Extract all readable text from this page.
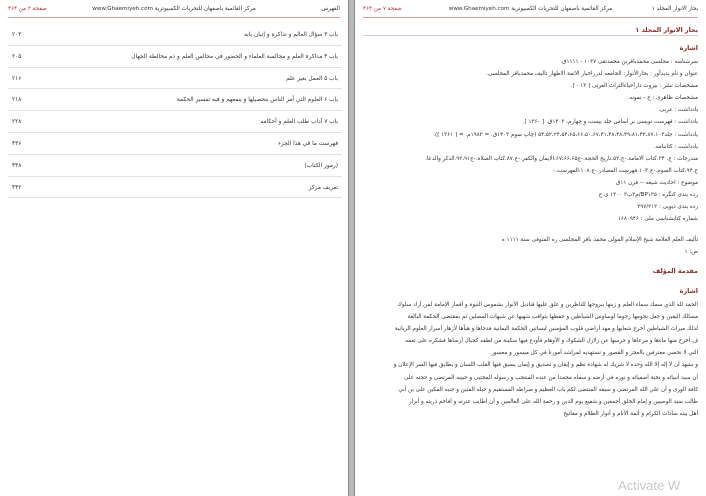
الفهرس
مركز القائمية باصفهان للتحريات الكمبيوترية www.Ghaemiyeh.com
صفحة ۲ من ۴۶۴
باب ۳ سؤال العالم و تذاكره و إتيان بابه
۲۰۳
باب ۴ مذاكرة العلم و مجالسة العلماء و الحضور في مجالس العلم و ذم مخالطة الجهال
۲۰۵
باب ۵ العمل بغير علم
۲۱۶
باب ۶ العلوم التي أمر الناس بتحصيلها و ينفعهم و فيه تفسير الحكمة
۲۱۸
باب ۷ آداب طلب العلم و أحكامه
۲۲۸
فهرست ما في هذا الجزء
۴۳۶
(رموز الكتاب)
۴۳۸
تعريف مركز
۴۴۲
بحار الانوار المجلد ۱
مركز القائمية باصفهان للتحريات الكمبيوترية www.Ghaemiyeh.com
صفحة ۷ من ۴۶۴
بحار الانوار المجلد ۱
اشارة
سرشناسه : مجلسی محمدباقربن محمدتقی ۱۰۳۷ - ۱۱۱۱ق.
عنوان و نام پدیدآور : بحارالأنوار: الجامعه لدرراخبار الائمة الاطهار تالیف محمدباقر المجلسی.
مشخصات نشر : بیروت داراحیاءالتراث العربی [ ۱۳ - ].
مشخصات ظاهری : ج - نمونه.
یادداشت : عربی.
یادداشت : فهرست نویسی بر اساس جلد بیست و چهارم، ۱۴۰۳ق. [ ۱۳۶۰ ].
یادداشت : جلد۵۴،۵۲،۲۴،۵۴،۶۵،۶۶،۵۰،۶۷،۴۱،۴۸،۴۸،۴۹،۸۱،۴۲،۸۷،۱۰۳ (چاپ سوم ۱۴۰۳ق. = ۱۹۸۳م. = [ ۱۳۶۱ ]).
یادداشت : کتابنامه.
مندرجات : ج. ۲۴.کتاب الامامة.-ج.۵۲.تاریخ الحجة.-ج۶۷،۶۶،۶۵.الایمان والکفر.-ج.۸۷.کتاب الصلاة.-ج۹۲،۹۱.الذکر والدعا.
ج.۹۴.کتاب الصوم.-ج.۱۰۳.فهرست المصادر.-ج.۱۰۸.الفهرست.-
موضوع : احادیث شیعه -- قرن ۱۱ق
رده بندی کنگره : BP۱۳۵/م۳ب۳ ۱۳۰۰ ی ح
رده بندی دیویی : ۲۹۷/۲۱۲
شماره کتابشناسی ملی : ۱۶۸۰۹۴۶
تألیف العلم العلامة شیخ الإسلام المولی محمد باقر المجلسی ره المتوفی سنة ۱۱۱۱ ه
ص: ۱
مقدمة المؤلف
اشارة
الحمد لله الذي سمك سماء العلم و زينها ببروجها للناظرين و علق عليها قناديل الأنوار بشموس النبوة و أقمار الإمامة لمن أراد سلوك
مسالك اليقين و جعل نجومها رجوما لوساوس الشياطين و حفظها بثواقب شهبها عن شبهات المضلين ثم بمقتضى الحكمة البالغة
لذلك ميراث الشياطين أخرج شعابها و مهد أراضي قلوب المؤمنين لبساتين الحكمة اليمانية فدحاها و هيأها لأزهار أسرار العلوم الربانية
ف أخرج منها ماءها و مرعاها و حرسها عن زلازل الشكوك و الأوهام فأودع فيها سكينة من لطفه كجبال أرساها فشكره على نعمه
التي لا نحصي معترفين بالعجز و القصور و نستهديه لمراشد أمورنا في كل ميسور و معسور.
و نشهد أن لا إله إلا الله وحده لا شريك له شهادة نظم و إيقان و تصديق و إيمان يسبق فيها القلب اللسان و يطابق فيها السر الإعلان و
أن سيد أنبيائه و نخبة أصفيائه و نوره في أرضه و سماه محمدا من عنده المنتجب و رسوله المجتبى و حبيبه المرتضى و حجته على
كافة الورى و أن علي الله المرتضى و سيفه المنتضى لكم باب العظيم و صراطه المستقيم و حبله المتين و جنبه المكين على بن أبي
طالب سيد الوصيين و إمام الخلق أجمعين و شفيع يوم الدين و رحمة الله على العالمين و أن أطايب عترته و أفاخم ذريته و أبرار
أهل بيته سادات الكرام و أئمة الأنام و أنوار الظلام و مفاتيح
Activate W
